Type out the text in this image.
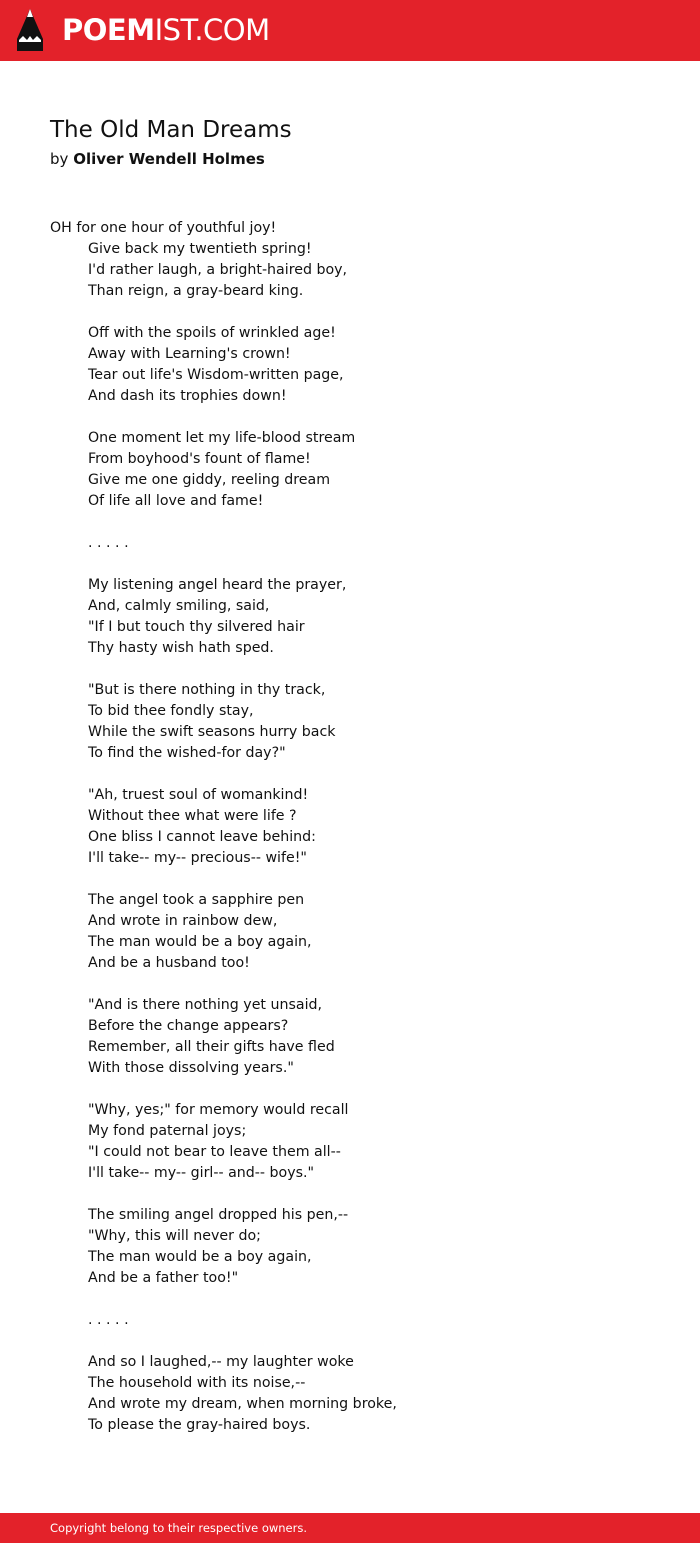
POEMIST.COM
The Old Man Dreams
by Oliver Wendell Holmes
OH for one hour of youthful joy!
Give back my twentieth spring!
I'd rather laugh, a bright-haired boy,
Than reign, a gray-beard king.
Off with the spoils of wrinkled age!
Away with Learning's crown!
Tear out life's Wisdom-written page,
And dash its trophies down!
One moment let my life-blood stream
From boyhood's fount of flame!
Give me one giddy, reeling dream
Of life all love and fame!
. . . . .
My listening angel heard the prayer,
And, calmly smiling, said,
"If I but touch thy silvered hair
Thy hasty wish hath sped.
"But is there nothing in thy track,
To bid thee fondly stay,
While the swift seasons hurry back
To find the wished-for day?"
"Ah, truest soul of womankind!
Without thee what were life ?
One bliss I cannot leave behind:
I'll take-- my-- precious-- wife!"
The angel took a sapphire pen
And wrote in rainbow dew,
The man would be a boy again,
And be a husband too!
"And is there nothing yet unsaid,
Before the change appears?
Remember, all their gifts have fled
With those dissolving years."
"Why, yes;" for memory would recall
My fond paternal joys;
"I could not bear to leave them all--
I'll take-- my-- girl-- and-- boys."
The smiling angel dropped his pen,--
"Why, this will never do;
The man would be a boy again,
And be a father too!"
. . . . .
And so I laughed,-- my laughter woke
The household with its noise,--
And wrote my dream, when morning broke,
To please the gray-haired boys.
Copyright belong to their respective owners.
